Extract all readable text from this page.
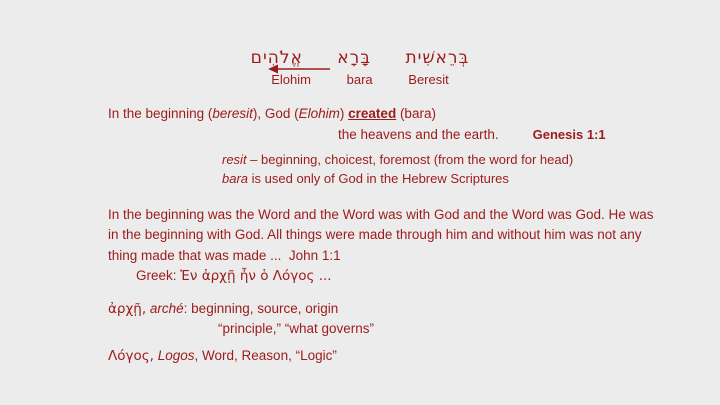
בְּרֵאשִׁית בָּרָא אֱלֹהִים
Elohim	bara	Beresit
In the beginning (beresit), God (Elohim) created (bara)
the heavens and the earth.	Genesis 1:1
resit – beginning, choicest, foremost (from the word for head)
bara is used only of God in the Hebrew Scriptures
In the beginning was the Word and the Word was with God and the Word was God. He was in the beginning with God. All things were made through him and without him was not any thing made that was made ... John 1:1
Greek: Ἐν ἀρχῇ ἦν ὁ Λόγος ...
ἀρχῇ, arché: beginning, source, origin
“principle,” “what governs”
Λόγος, Logos, Word, Reason, “Logic”
